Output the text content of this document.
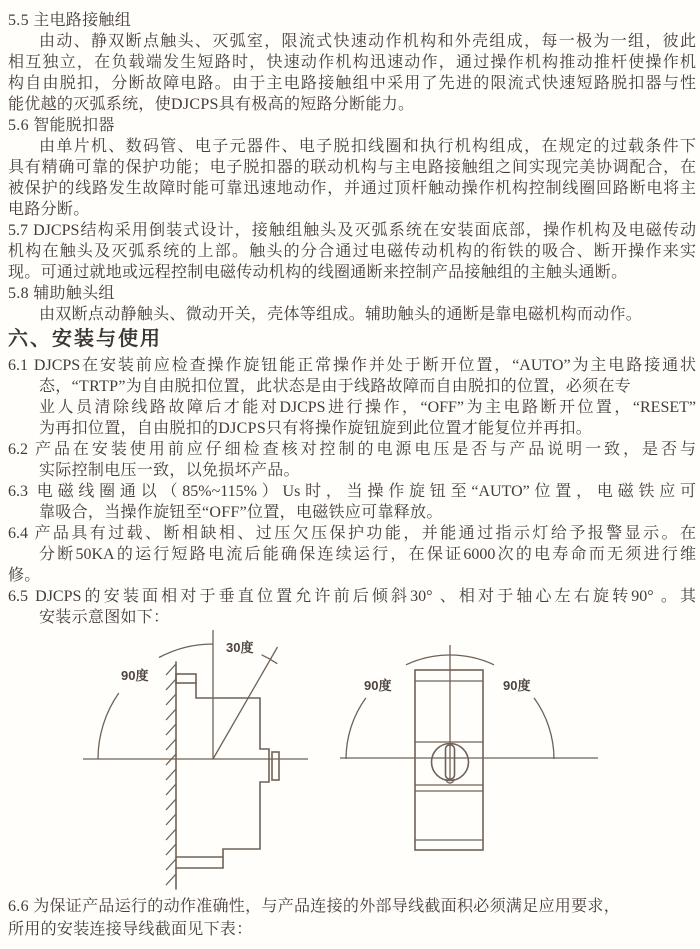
5.5 主电路接触组
由动、静双断点触头、灭弧室，限流式快速动作机构和外壳组成，每一极为一组，彼此
相互独立，在负载端发生短路时，快速动作机构迅速动作，通过操作机构推动推杆使操作机
构自由脱扣，分断故障电路。由于主电路接触组中采用了先进的限流式快速短路脱扣器与性
能优越的灭弧系统，使DJCPS具有极高的短路分断能力。
5.6 智能脱扣器
由单片机、数码管、电子元器件、电子脱扣线圈和执行机构组成，在规定的过载条件下
具有精确可靠的保护功能；电子脱扣器的联动机构与主电路接触组之间实现完美协调配合，在
被保护的线路发生故障时能可靠迅速地动作，并通过顶杆触动操作机构控制线圈回路断电将主
电路分断。
5.7 DJCPS结构采用倒装式设计，接触组触头及灭弧系统在安装面底部，操作机构及电磁传动
机构在触头及灭弧系统的上部。触头的分合通过电磁传动机构的衔铁的吸合、断开操作来实
现。可通过就地或远程控制电磁传动机构的线圈通断来控制产品接触组的主触头通断。
5.8 辅助触头组
由双断点动静触头、微动开关，壳体等组成。辅助触头的通断是靠电磁机构而动作。
六、安装与使用
6.1 DJCPS在安装前应检查操作旋钮能正常操作并处于断开位置，“AUTO”为主电路接通状
态，“TRTP”为自由脱扣位置，此状态是由于线路故障而自由脱扣的位置，必须在专
业人员清除线路故障后才能对DJCPS进行操作，“OFF”为主电路断开位置，“RESET”
为再扣位置，自由脱扣的DJCPS只有将操作旋钮旋到此位置才能复位并再扣。
6.2 产品在安装使用前应仔细检查核对控制的电源电压是否与产品说明一致，是否与
实际控制电压一致，以免损坏产品。
6.3 电磁线圈通以（85%~115%）Us时，当操作旋钮至“AUTO”位置，电磁铁应可
靠吸合，当操作旋钮至“OFF”位置，电磁铁应可靠释放。
6.4 产品具有过载、断相缺相、过压欠压保护功能，并能通过指示灯给予报警显示。在
分断50KA的运行短路电流后能确保连续运行，在保证6000次的电寿命而无须进行维
修。
6.5 DJCPS的安装面相对于垂直位置允许前后倾斜30° 、相对于轴心左右旋转90° 。其
安装示意图如下：
90度
30度
90度	90度
6.6 为保证产品运行的动作准确性，与产品连接的外部导线截面积必须满足应用要求，
所用的安装连接导线截面见下表：
